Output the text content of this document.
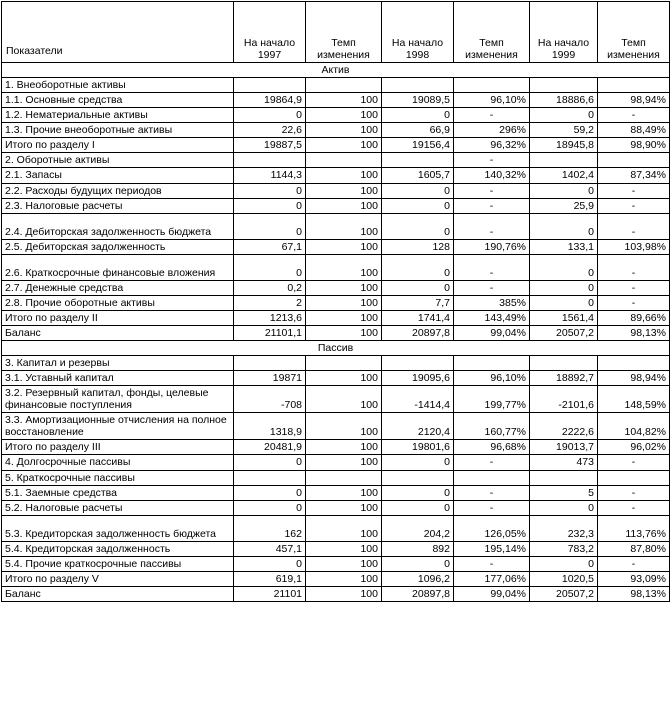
Показатели	На начало 1997	Темп изменения	На начало 1998	Темп изменения	На начало 1999	Темп изменения
Актив						
1. Внеоборотные активы						
1.1. Основные средства	19864,9	100	19089,5	96,10%	18886,6	98,94%
1.2. Нематериальные активы	0	100	0	-	0	-
1.3. Прочие внеоборотные активы	22,6	100	66,9	296%	59,2	88,49%
Итого по разделу I	19887,5	100	19156,4	96,32%	18945,8	98,90%
2. Оборотные активы				-		
2.1. Запасы	1144,3	100	1605,7	140,32%	1402,4	87,34%
2.2. Расходы будущих периодов	0	100	0	-	0	-
2.3. Налоговые расчеты	0	100	0	-	25,9	-
2.4. Дебиторская задолженность бюджета	0	100	0	-	0	-
2.5. Дебиторская задолженность	67,1	100	128	190,76%	133,1	103,98%
2.6. Краткосрочные финансовые вложения	0	100	0	-	0	-
2.7. Денежные средства	0,2	100	0	-	0	-
2.8. Прочие оборотные активы	2	100	7,7	385%	0	-
Итого по разделу II	1213,6	100	1741,4	143,49%	1561,4	89,66%
Баланс	21101,1	100	20897,8	99,04%	20507,2	98,13%
Пассив						
3. Капитал и резервы						
3.1. Уставный капитал	19871	100	19095,6	96,10%	18892,7	98,94%
3.2. Резервный капитал, фонды, целевые финансовые поступления	-708	100	-1414,4	199,77%	-2101,6	148,59%
3.3. Амортизационные отчисления на полное восстановление	1318,9	100	2120,4	160,77%	2222,6	104,82%
Итого по разделу III	20481,9	100	19801,6	96,68%	19013,7	96,02%
4. Долгосрочные пассивы	0	100	0	-	473	-
5. Краткосрочные пассивы						
5.1. Заемные средства	0	100	0	-	5	-
5.2. Налоговые расчеты	0	100	0	-	0	-
5.3. Кредиторская задолженность бюджета	162	100	204,2	126,05%	232,3	113,76%
5.4. Кредиторская задолженность	457,1	100	892	195,14%	783,2	87,80%
5.4. Прочие краткосрочные пассивы	0	100	0	-	0	-
Итого по разделу V	619,1	100	1096,2	177,06%	1020,5	93,09%
Баланс	21101	100	20897,8	99,04%	20507,2	98,13%
